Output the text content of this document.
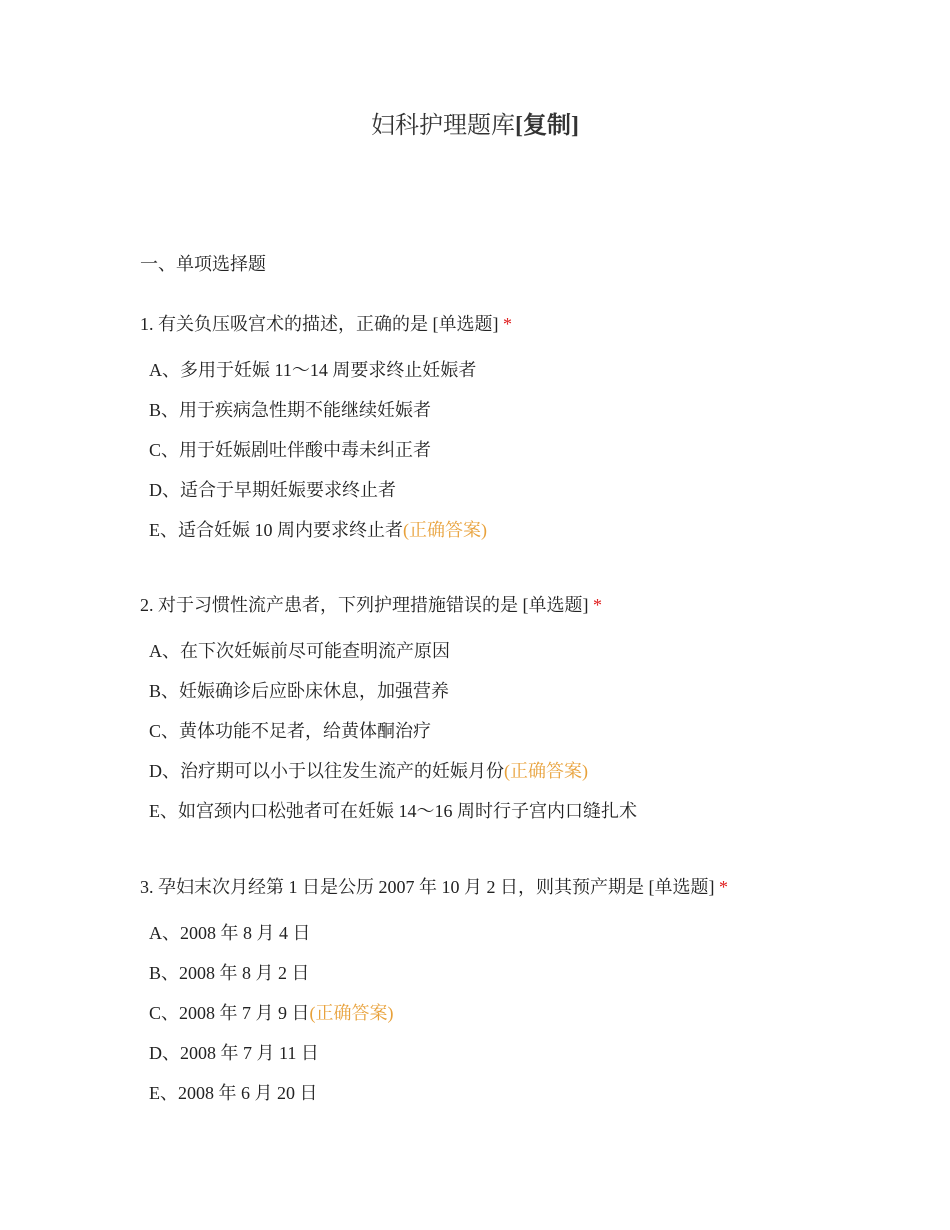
妇科护理题库[复制]
一、单项选择题
1. 有关负压吸宫术的描述，正确的是 [单选题] *
A、多用于妊娠 11～14 周要求终止妊娠者
B、用于疾病急性期不能继续妊娠者
C、用于妊娠剧吐伴酸中毒未纠正者
D、适合于早期妊娠要求终止者
E、适合妊娠 10 周内要求终止者(正确答案)
2. 对于习惯性流产患者，下列护理措施错误的是 [单选题] *
A、在下次妊娠前尽可能查明流产原因
B、妊娠确诊后应卧床休息，加强营养
C、黄体功能不足者，给黄体酮治疗
D、治疗期可以小于以往发生流产的妊娠月份(正确答案)
E、如宫颈内口松弛者可在妊娠 14～16 周时行子宫内口缝扎术
3. 孕妇末次月经第 1 日是公历 2007 年 10 月 2 日，则其预产期是 [单选题] *
A、2008 年 8 月 4 日
B、2008 年 8 月 2 日
C、2008 年 7 月 9 日(正确答案)
D、2008 年 7 月 11 日
E、2008 年 6 月 20 日
